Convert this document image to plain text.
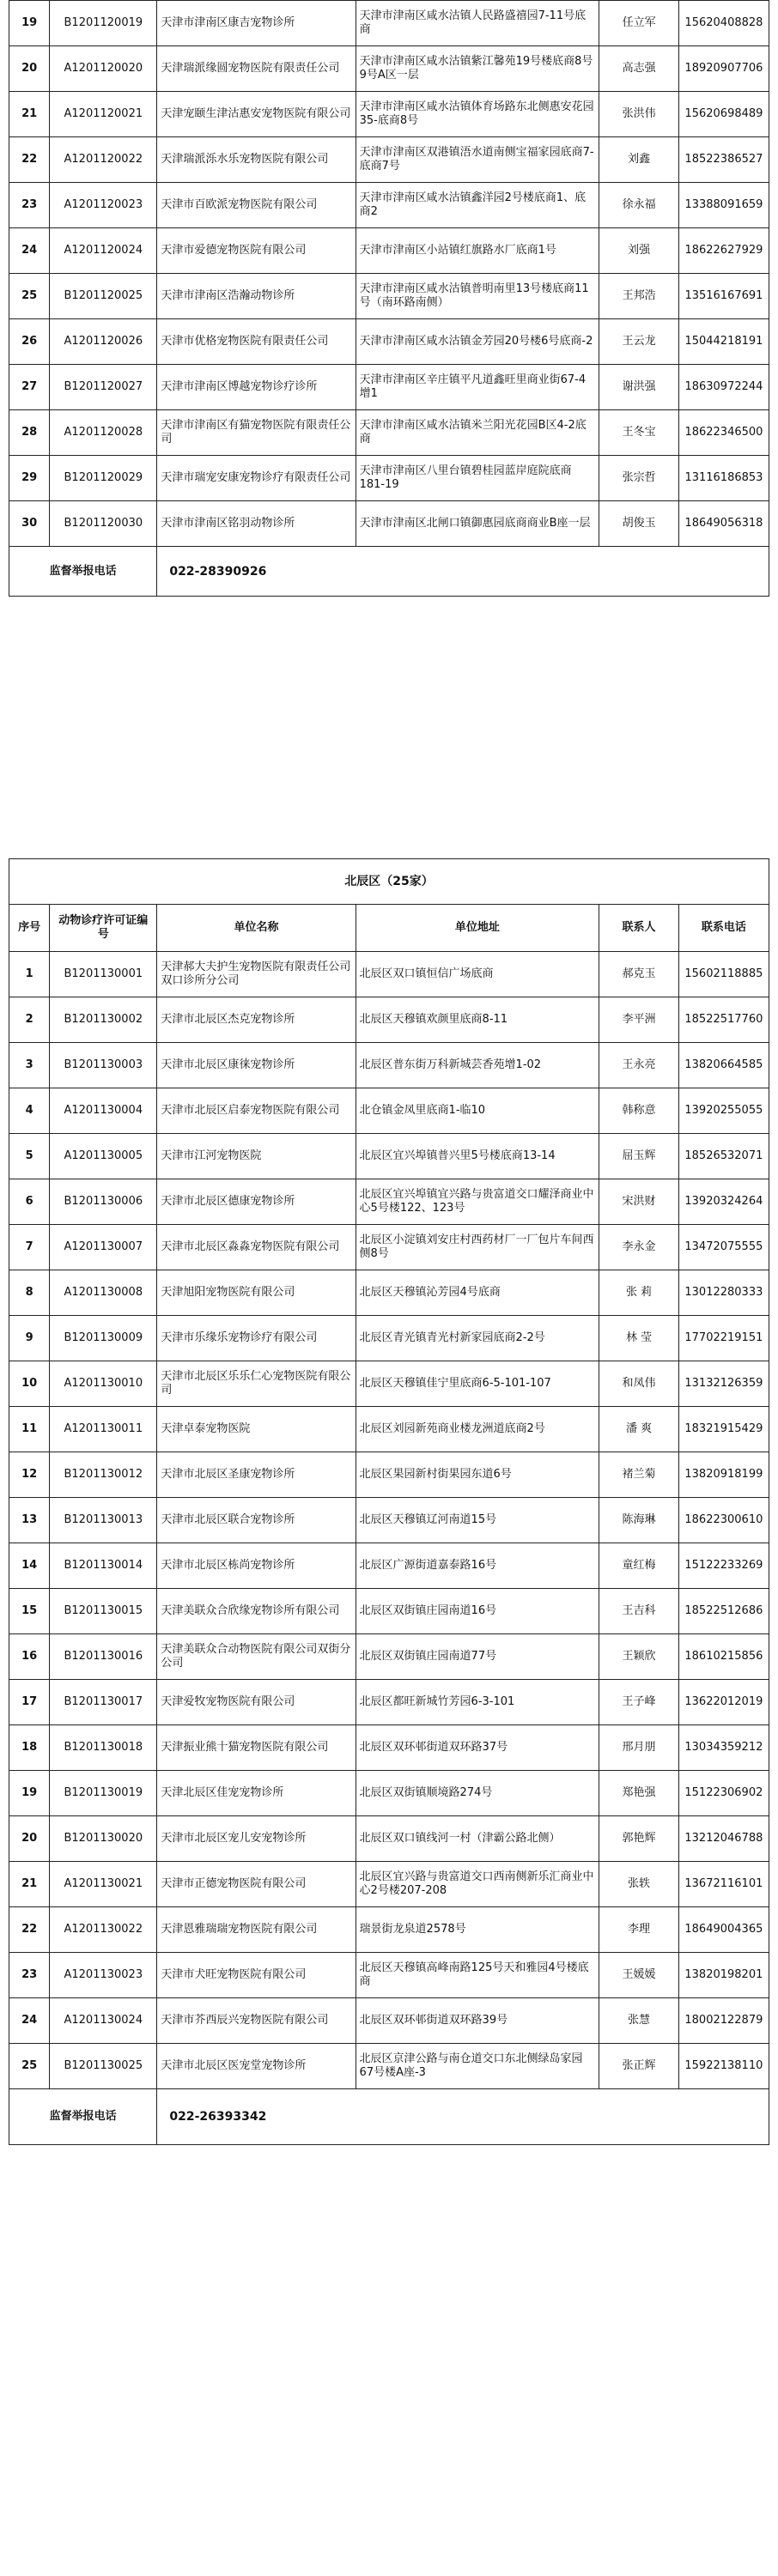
19	B1201120019	天津市津南区康吉宠物诊所	天津市津南区咸水沽镇人民路盛禧园7-11号底商	任立军	15620408828
20	A1201120020	天津瑞派缘圆宠物医院有限责任公司	天津市津南区咸水沽镇紫江馨苑19号楼底商8号9号A区一层	高志强	18920907706
21	A1201120021	天津宠颐生津沽惠安宠物医院有限公司	天津市津南区咸水沽镇体育场路东北侧惠安花园35-底商8号	张洪伟	15620698489
22	A1201120022	天津瑞派泺水乐宠物医院有限公司	天津市津南区双港镇浯水道南侧宝福家园底商7-底商7号	刘鑫	18522386527
23	A1201120023	天津市百欧派宠物医院有限公司	天津市津南区咸水沽镇鑫洋园2号楼底商1、底商2	徐永福	13388091659
24	A1201120024	天津市爱德宠物医院有限公司	天津市津南区小站镇红旗路水厂底商1号	刘强	18622627929
25	B1201120025	天津市津南区浩瀚动物诊所	天津市津南区咸水沽镇普明南里13号楼底商11号（南环路南侧）	王邦浩	13516167691
26	A1201120026	天津市优格宠物医院有限责任公司	天津市津南区咸水沽镇金芳园20号楼6号底商-2	王云龙	15044218191
27	B1201120027	天津市津南区博越宠物诊疗诊所	天津市津南区辛庄镇平凡道鑫旺里商业街67-4增1	谢洪强	18630972244
28	A1201120028	天津市津南区有猫宠物医院有限责任公司	天津市津南区咸水沽镇米兰阳光花园B区4-2底商	王冬宝	18622346500
29	B1201120029	天津市瑞宠安康宠物诊疗有限责任公司	天津市津南区八里台镇碧桂园蓝岸庭院底商181-19	张宗哲	13116186853
30	B1201120030	天津市津南区铭羽动物诊所	天津市津南区北闸口镇御惠园底商商业B座一层	胡俊玉	18649056318
监督举报电话		022-28390926			
北辰区（25家）					
序号	动物诊疗许可证编号	单位名称	单位地址	联系人	联系电话
1	B1201130001	天津郝大夫护生宠物医院有限责任公司双口诊所分公司	北辰区双口镇恒信广场底商	郝克玉	15602118885
2	B1201130002	天津市北辰区杰克宠物诊所	北辰区天穆镇欢颜里底商8-11	李平洲	18522517760
3	B1201130003	天津市北辰区康徕宠物诊所	北辰区普东街万科新城芸香苑增1-02	王永亮	13820664585
4	A1201130004	天津市北辰区启泰宠物医院有限公司	北仓镇金凤里底商1-临10	韩称意	13920255055
5	A1201130005	天津市江河宠物医院	北辰区宜兴埠镇普兴里5号楼底商13-14	屈玉辉	18526532071
6	B1201130006	天津市北辰区德康宠物诊所	北辰区宜兴埠镇宜兴路与贵富道交口耀泽商业中心5号楼122、123号	宋洪财	13920324264
7	A1201130007	天津市北辰区淼淼宠物医院有限公司	北辰区小淀镇刘安庄村西药材厂一厂包片车间西侧8号	李永金	13472075555
8	A1201130008	天津旭阳宠物医院有限公司	北辰区天穆镇沁芳园4号底商	张 莉	13012280333
9	B1201130009	天津市乐缘乐宠物诊疗有限公司	北辰区青光镇青光村新家园底商2-2号	林 莹	17702219151
10	A1201130010	天津市北辰区乐乐仁心宠物医院有限公司	北辰区天穆镇佳宁里底商6-5-101-107	和凤伟	13132126359
11	A1201130011	天津卓泰宠物医院	北辰区刘园新苑商业楼龙洲道底商2号	潘 爽	18321915429
12	B1201130012	天津市北辰区圣康宠物诊所	北辰区果园新村街果园东道6号	褚兰菊	13820918199
13	B1201130013	天津市北辰区联合宠物诊所	北辰区天穆镇辽河南道15号	陈海琳	18622300610
14	B1201130014	天津市北辰区栋尚宠物诊所	北辰区广源街道嘉泰路16号	童红梅	15122233269
15	B1201130015	天津美联众合欣缘宠物诊所有限公司	北辰区双街镇庄园南道16号	王吉科	18522512686
16	B1201130016	天津美联众合动物医院有限公司双街分公司	北辰区双街镇庄园南道77号	王颖欣	18610215856
17	B1201130017	天津爱牧宠物医院有限公司	北辰区都旺新城竹芳园6-3-101	王子峰	13622012019
18	B1201130018	天津振业熊十猫宠物医院有限公司	北辰区双环邨街道双环路37号	邢月朋	13034359212
19	B1201130019	天津北辰区佳宠宠物诊所	北辰区双街镇顺境路274号	郑艳强	15122306902
20	B1201130020	天津市北辰区宠儿安宠物诊所	北辰区双口镇线河一村（津霸公路北侧）	郭艳辉	13212046788
21	A1201130021	天津市正德宠物医院有限公司	北辰区宜兴路与贵富道交口西南侧新乐汇商业中心2号楼207-208	张轶	13672116101
22	A1201130022	天津恩雅瑞瑞宠物医院有限公司	瑞景街龙泉道2578号	李理	18649004365
23	A1201130023	天津市犬旺宠物医院有限公司	北辰区天穆镇高峰南路125号天和雅园4号楼底商	王媛媛	13820198201
24	A1201130024	天津市芥西辰兴宠物医院有限公司	北辰区双环邨街道双环路39号	张慧	18002122879
25	B1201130025	天津市北辰区医宠堂宠物诊所	北辰区京津公路与南仓道交口东北侧绿岛家园67号楼A座-3	张正辉	15922138110
监督举报电话		022-26393342			
